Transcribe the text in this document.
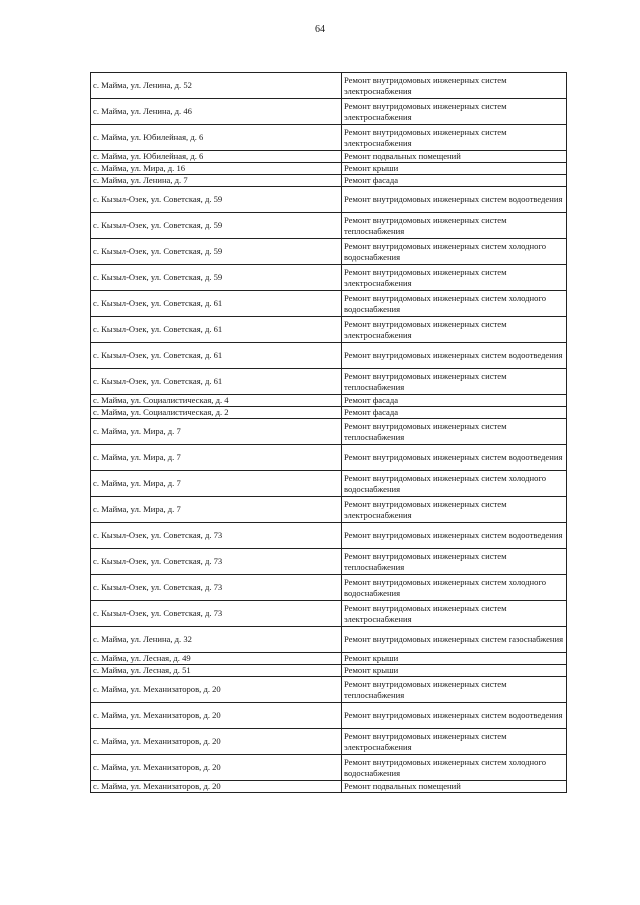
64
с. Майма, ул. Ленина, д. 52	Ремонт внутридомовых инженерных систем электроснабжения
с. Майма, ул. Ленина, д. 46	Ремонт внутридомовых инженерных систем электроснабжения
с. Майма, ул. Юбилейная, д. 6	Ремонт внутридомовых инженерных систем электроснабжения
с. Майма, ул. Юбилейная, д. 6	Ремонт подвальных помещений
с. Майма, ул. Мира, д. 16	Ремонт крыши
с. Майма, ул. Ленина, д. 7	Ремонт фасада
с. Кызыл-Озек, ул. Советская, д. 59	Ремонт внутридомовых инженерных систем водоотведения
с. Кызыл-Озек, ул. Советская, д. 59	Ремонт внутридомовых инженерных систем теплоснабжения
с. Кызыл-Озек, ул. Советская, д. 59	Ремонт внутридомовых инженерных систем холодного водоснабжения
с. Кызыл-Озек, ул. Советская, д. 59	Ремонт внутридомовых инженерных систем электроснабжения
с. Кызыл-Озек, ул. Советская, д. 61	Ремонт внутридомовых инженерных систем холодного водоснабжения
с. Кызыл-Озек, ул. Советская, д. 61	Ремонт внутридомовых инженерных систем электроснабжения
с. Кызыл-Озек, ул. Советская, д. 61	Ремонт внутридомовых инженерных систем водоотведения
с. Кызыл-Озек, ул. Советская, д. 61	Ремонт внутридомовых инженерных систем теплоснабжения
с. Майма, ул. Социалистическая, д. 4	Ремонт фасада
с. Майма, ул. Социалистическая, д. 2	Ремонт фасада
с. Майма, ул. Мира, д. 7	Ремонт внутридомовых инженерных систем теплоснабжения
с. Майма, ул. Мира, д. 7	Ремонт внутридомовых инженерных систем водоотведения
с. Майма, ул. Мира, д. 7	Ремонт внутридомовых инженерных систем холодного водоснабжения
с. Майма, ул. Мира, д. 7	Ремонт внутридомовых инженерных систем электроснабжения
с. Кызыл-Озек, ул. Советская, д. 73	Ремонт внутридомовых инженерных систем водоотведения
с. Кызыл-Озек, ул. Советская, д. 73	Ремонт внутридомовых инженерных систем теплоснабжения
с. Кызыл-Озек, ул. Советская, д. 73	Ремонт внутридомовых инженерных систем холодного водоснабжения
с. Кызыл-Озек, ул. Советская, д. 73	Ремонт внутридомовых инженерных систем электроснабжения
с. Майма, ул. Ленина, д. 32	Ремонт внутридомовых инженерных систем газоснабжения
с. Майма, ул. Лесная, д. 49	Ремонт крыши
с. Майма, ул. Лесная, д. 51	Ремонт крыши
с. Майма, ул. Механизаторов, д. 20	Ремонт внутридомовых инженерных систем теплоснабжения
с. Майма, ул. Механизаторов, д. 20	Ремонт внутридомовых инженерных систем водоотведения
с. Майма, ул. Механизаторов, д. 20	Ремонт внутридомовых инженерных систем электроснабжения
с. Майма, ул. Механизаторов, д. 20	Ремонт внутридомовых инженерных систем холодного водоснабжения
с. Майма, ул. Механизаторов, д. 20	Ремонт подвальных помещений
